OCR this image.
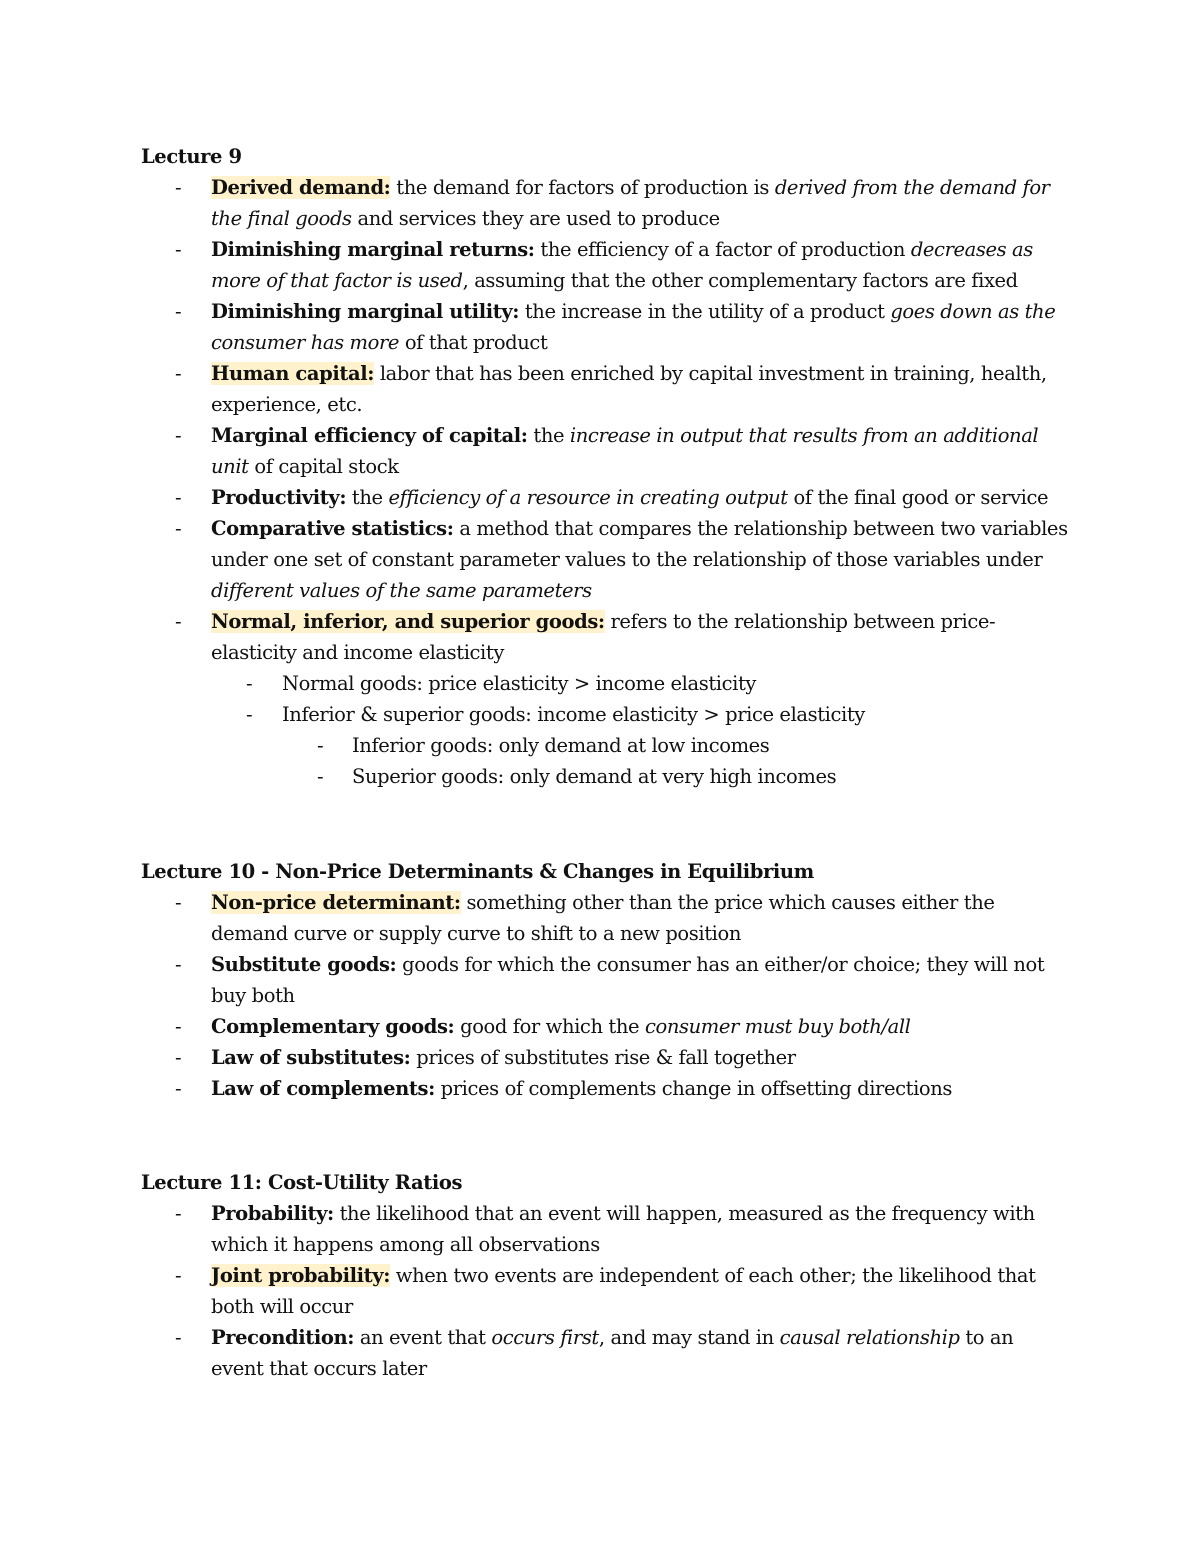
Lecture 9
-	Derived demand: the demand for factors of production is derived from the demand for the final goods and services they are used to produce
-	Diminishing marginal returns: the efficiency of a factor of production decreases as more of that factor is used, assuming that the other complementary factors are fixed
-	Diminishing marginal utility: the increase in the utility of a product goes down as the consumer has more of that product
-	Human capital: labor that has been enriched by capital investment in training, health, experience, etc.
-	Marginal efficiency of capital: the increase in output that results from an additional unit of capital stock
-	Productivity: the efficiency of a resource in creating output of the final good or service
-	Comparative statistics: a method that compares the relationship between two variables under one set of constant parameter values to the relationship of those variables under different values of the same parameters
-	Normal, inferior, and superior goods: refers to the relationship between price-elasticity and income elasticity
-	Normal goods: price elasticity > income elasticity
-	Inferior & superior goods: income elasticity > price elasticity
-	Inferior goods: only demand at low incomes
-	Superior goods: only demand at very high incomes
Lecture 10 - Non-Price Determinants & Changes in Equilibrium
-	Non-price determinant: something other than the price which causes either the demand curve or supply curve to shift to a new position
-	Substitute goods: goods for which the consumer has an either/or choice; they will not buy both
-	Complementary goods: good for which the consumer must buy both/all
-	Law of substitutes: prices of substitutes rise & fall together
-	Law of complements: prices of complements change in offsetting directions
Lecture 11: Cost-Utility Ratios
-	Probability: the likelihood that an event will happen, measured as the frequency with which it happens among all observations
-	Joint probability: when two events are independent of each other; the likelihood that both will occur
-	Precondition: an event that occurs first, and may stand in causal relationship to an event that occurs later
